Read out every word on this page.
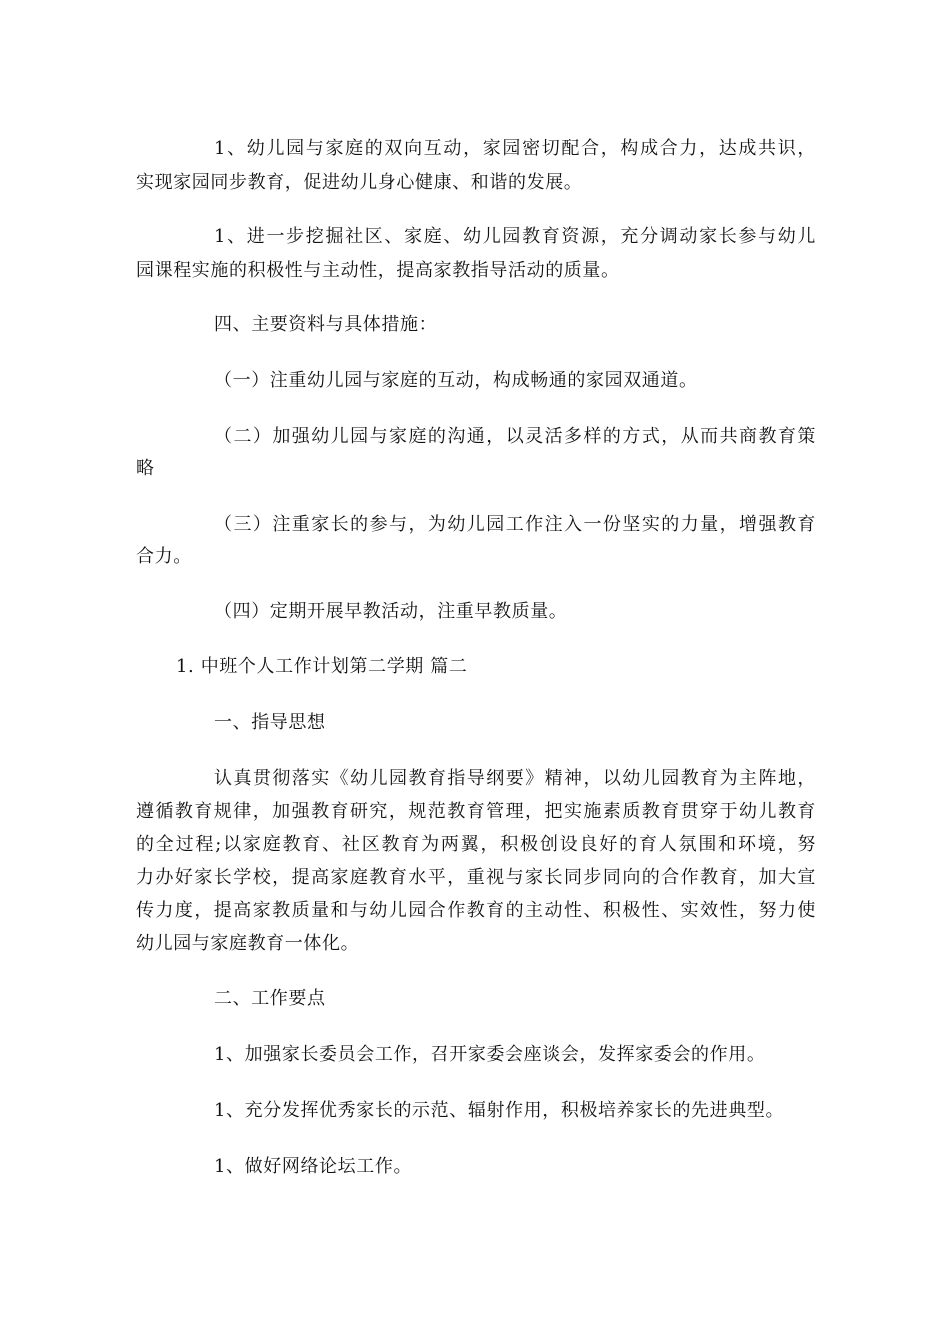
1、幼儿园与家庭的双向互动，家园密切配合，构成合力，达成共识，
实现家园同步教育，促进幼儿身心健康、和谐的发展。
1、进一步挖掘社区、家庭、幼儿园教育资源，充分调动家长参与幼儿
园课程实施的积极性与主动性，提高家教指导活动的质量。
四、主要资料与具体措施：
（一）注重幼儿园与家庭的互动，构成畅通的家园双通道。
（二）加强幼儿园与家庭的沟通，以灵活多样的方式，从而共商教育策
略
（三）注重家长的参与，为幼儿园工作注入一份坚实的力量，增强教育
合力。
（四）定期开展早教活动，注重早教质量。
1. 中班个人工作计划第二学期 篇二
一、指导思想
认真贯彻落实《幼儿园教育指导纲要》精神，以幼儿园教育为主阵地，
遵循教育规律，加强教育研究，规范教育管理，把实施素质教育贯穿于幼儿教育
的全过程;以家庭教育、社区教育为两翼，积极创设良好的育人氛围和环境，努
力办好家长学校，提高家庭教育水平，重视与家长同步同向的合作教育，加大宣
传力度，提高家教质量和与幼儿园合作教育的主动性、积极性、实效性，努力使
幼儿园与家庭教育一体化。
二、工作要点
1、加强家长委员会工作，召开家委会座谈会，发挥家委会的作用。
1、充分发挥优秀家长的示范、辐射作用，积极培养家长的先进典型。
1、做好网络论坛工作。
